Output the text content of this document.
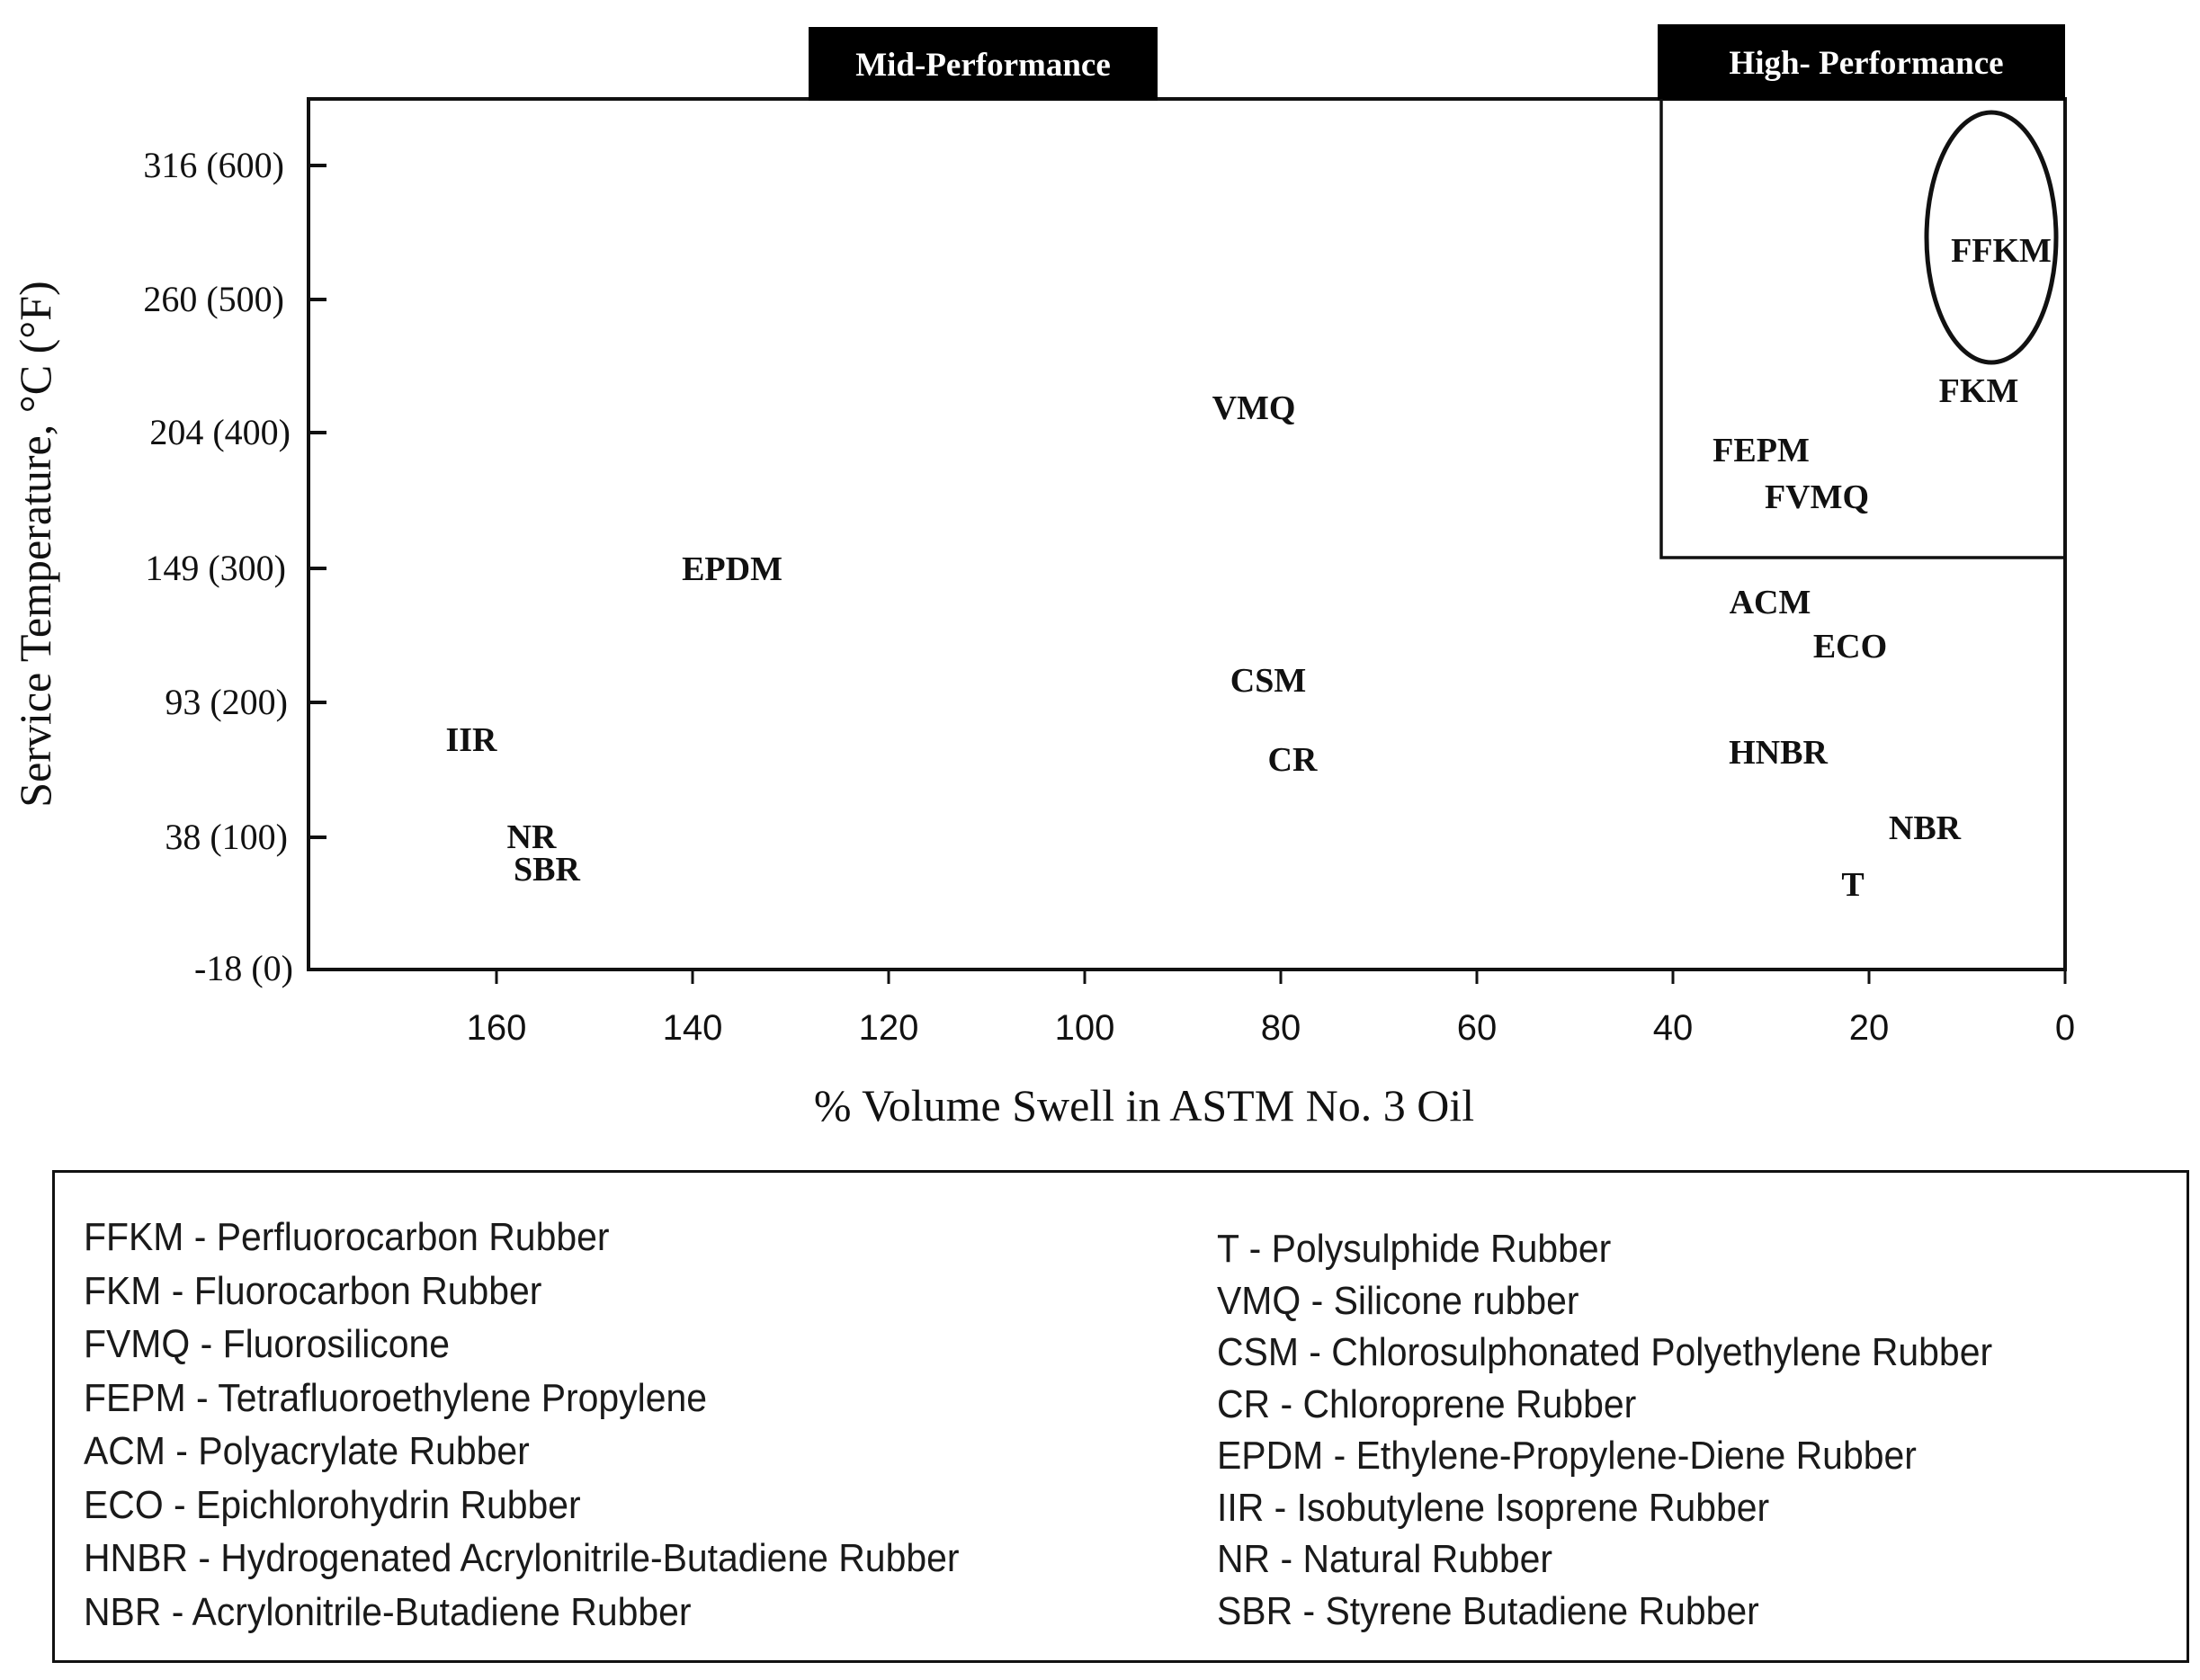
Mid-Performance	High- Performance
316 (600)
260 (500)
204 (400)
149 (300)
93 (200)
38 (100)
-18 (0)
160	140	120	100	80	60	40	20	0
% Volume Swell in ASTM No. 3 Oil
Service Temperature, °C (°F)
FFKM
FKM
FEPM
FVMQ
VMQ
EPDM
ACM
ECO
CSM
CR	HNBR
IIR
NBR
NR
SBR	T
FFKM - Perfluorocarbon Rubber
FKM - Fluorocarbon Rubber
FVMQ - Fluorosilicone
FEPM - Tetrafluoroethylene Propylene
ACM - Polyacrylate Rubber
ECO - Epichlorohydrin Rubber
HNBR - Hydrogenated Acrylonitrile-Butadiene Rubber
NBR - Acrylonitrile-Butadiene Rubber
T - Polysulphide Rubber
VMQ - Silicone rubber
CSM - Chlorosulphonated Polyethylene Rubber
CR - Chloroprene Rubber
EPDM - Ethylene-Propylene-Diene Rubber
IIR - Isobutylene Isoprene Rubber
NR - Natural Rubber
SBR - Styrene Butadiene Rubber
